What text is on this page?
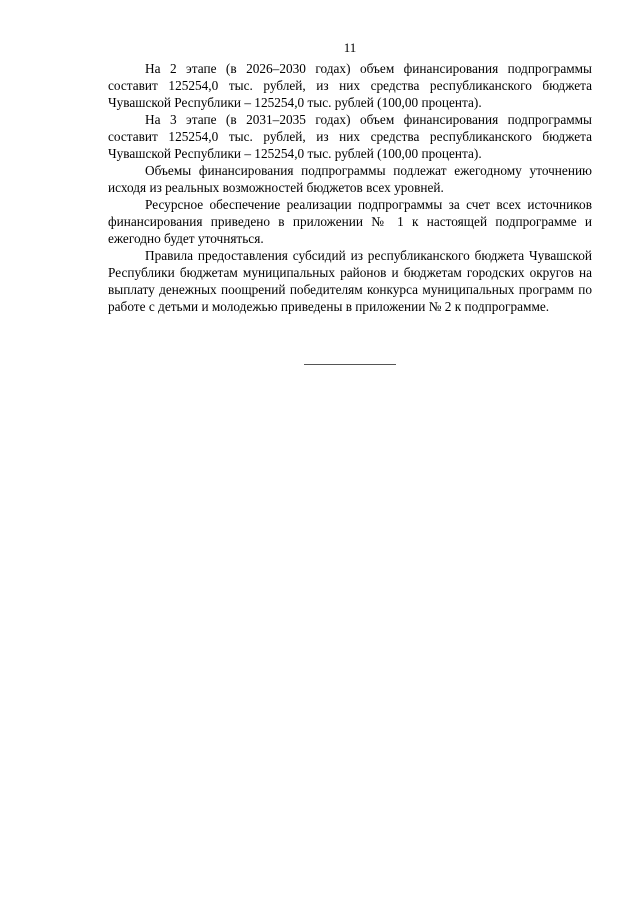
11

На 2 этапе (в 2026–2030 годах) объем финансирования подпрограммы составит 125254,0 тыс. рублей, из них средства республиканского бюджета Чувашской Республики – 125254,0 тыс. рублей (100,00 процента).

На 3 этапе (в 2031–2035 годах) объем финансирования подпрограммы составит 125254,0 тыс. рублей, из них средства республиканского бюджета Чувашской Республики – 125254,0 тыс. рублей (100,00 процента).

Объемы финансирования подпрограммы подлежат ежегодному уточнению исходя из реальных возможностей бюджетов всех уровней.

Ресурсное обеспечение реализации подпрограммы за счет всех источников финансирования приведено в приложении № 1 к настоящей подпрограмме и ежегодно будет уточняться.

Правила предоставления субсидий из республиканского бюджета Чувашской Республики бюджетам муниципальных районов и бюджетам городских округов на выплату денежных поощрений победителям конкурса муниципальных программ по работе с детьми и молодежью приведены в приложении № 2 к подпрограмме.
